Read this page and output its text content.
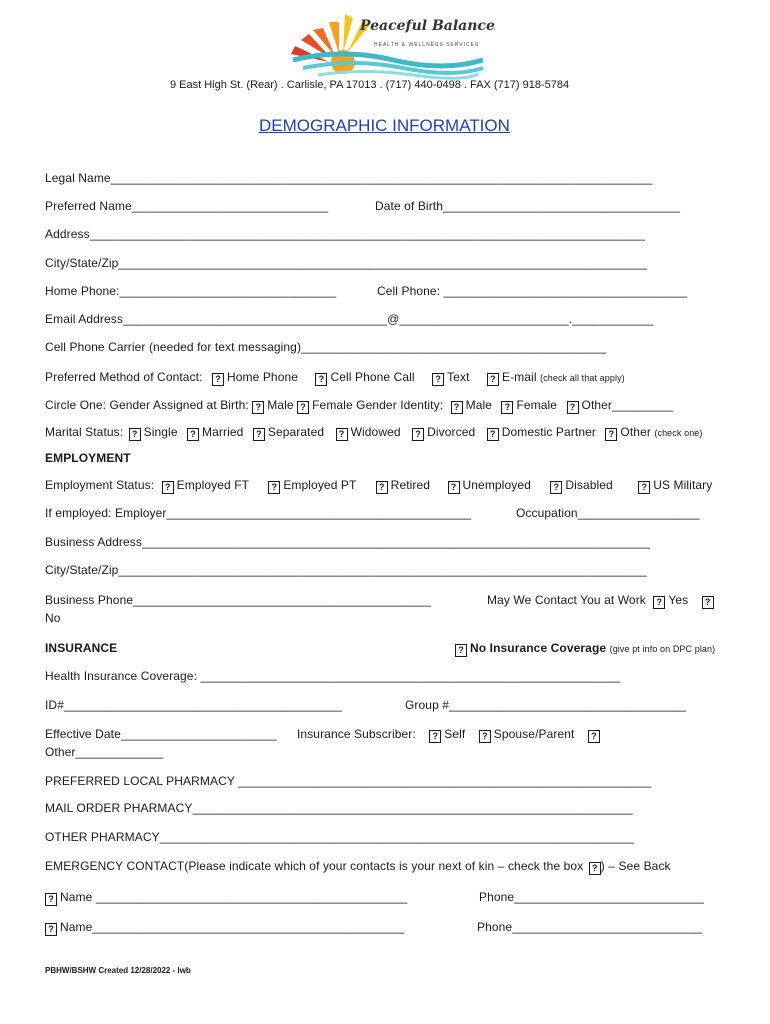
Peaceful Balance
HEALTH & WELLNESS SERVICES
9 East High St. (Rear) . Carlisle, PA 17013 . (717) 440-0498 . FAX (717) 918-5784
DEMOGRAPHIC INFORMATION
Legal Name________________________________________________________________________________
Preferred Name_____________________________	Date of Birth___________________________________
Address__________________________________________________________________________________
City/State/Zip______________________________________________________________________________
Home Phone:________________________________	Cell Phone: ____________________________________
Email Address_______________________________________@_________________________.____________
Cell Phone Carrier (needed for text messaging)_____________________________________________
Preferred Method of Contact: ? Home Phone ? Cell Phone Call ? Text ? E-mail (check all that apply)
Circle One: Gender Assigned at Birth: ? Male ? Female Gender Identity: ? Male ? Female ? Other_________
Marital Status: ? Single ? Married ? Separated ? Widowed ? Divorced ? Domestic Partner ? Other (check one)
EMPLOYMENT
Employment Status: ? Employed FT	? Employed PT	? Retired ? Unemployed	? Disabled	? US Military
If employed: Employer_____________________________________________	Occupation__________________
Business Address___________________________________________________________________________
City/State/Zip______________________________________________________________________________
Business Phone____________________________________________	May We Contact You at Work ? Yes ?
No
INSURANCE	? No Insurance Coverage (give pt info on DPC plan)
Health Insurance Coverage: ______________________________________________________________
ID#_________________________________________	Group #___________________________________
Effective Date_______________________ Insurance Subscriber: ? Self ? Spouse/Parent ?
Other_____________
PREFERRED LOCAL PHARMACY _____________________________________________________________
MAIL ORDER PHARMACY_________________________________________________________________
OTHER PHARMACY______________________________________________________________________
EMERGENCY CONTACT(Please indicate which of your contacts is your next of kin – check the box ? ) – See Back
? Name ______________________________________________	Phone____________________________
? Name______________________________________________	Phone____________________________
PBHW/BSHW Created 12/28/2022 - lwb
